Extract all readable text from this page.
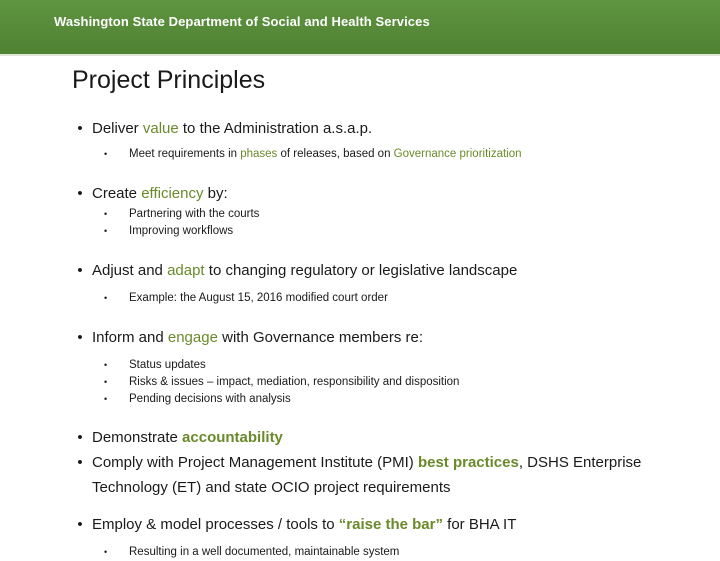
Washington State Department of Social and Health Services
Project Principles
• Deliver value to the Administration a.s.a.p.
•	Meet requirements in phases of releases, based on Governance prioritization
• Create efficiency by:
•	Partnering with the courts
•	Improving workflows
• Adjust and adapt to changing regulatory or legislative landscape
•	Example: the August 15, 2016 modified court order
• Inform and engage with Governance members re:
•	Status updates
•	Risks & issues – impact, mediation, responsibility and disposition
•	Pending decisions with analysis
• Demonstrate accountability
• Comply with Project Management Institute (PMI) best practices, DSHS Enterprise Technology (ET) and state OCIO project requirements
• Employ & model processes / tools to “raise the bar” for BHA IT
•	Resulting in a well documented, maintainable system
